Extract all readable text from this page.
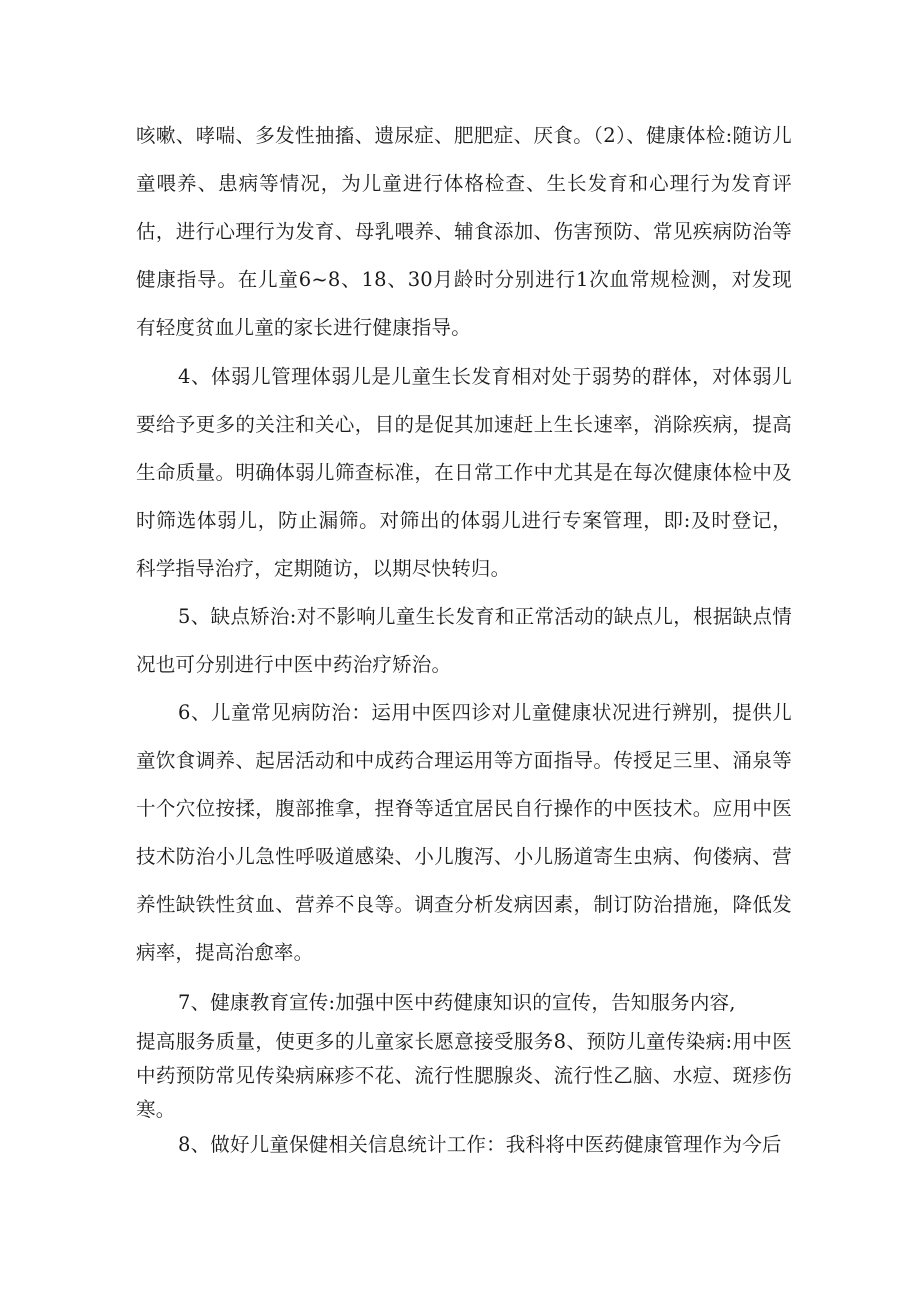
咳嗽、哮喘、多发性抽搐、遗尿症、肥肥症、厌食。（2）、健康体检:随访儿童喂养、患病等情况，为儿童进行体格检查、生长发育和心理行为发育评估，进行心理行为发育、母乳喂养、辅食添加、伤害预防、常见疾病防治等健康指导。在儿童6~8、18、30月龄时分别进行1次血常规检测，对发现有轻度贫血儿童的家长进行健康指导。

4、体弱儿管理体弱儿是儿童生长发育相对处于弱势的群体，对体弱儿要给予更多的关注和关心，目的是促其加速赶上生长速率，消除疾病，提高生命质量。明确体弱儿筛查标准，在日常工作中尤其是在每次健康体检中及时筛选体弱儿，防止漏筛。对筛出的体弱儿进行专案管理，即:及时登记，科学指导治疗，定期随访，以期尽快转归。

5、缺点矫治:对不影响儿童生长发育和正常活动的缺点儿，根据缺点情况也可分别进行中医中药治疗矫治。

6、儿童常见病防治：运用中医四诊对儿童健康状况进行辨别，提供儿童饮食调养、起居活动和中成药合理运用等方面指导。传授足三里、涌泉等十个穴位按揉，腹部推拿，捏脊等适宜居民自行操作的中医技术。应用中医技术防治小儿急性呼吸道感染、小儿腹泻、小儿肠道寄生虫病、佝偻病、营养性缺铁性贫血、营养不良等。调查分析发病因素，制订防治措施，降低发病率，提高治愈率。

7、健康教育宣传:加强中医中药健康知识的宣传，告知服务内容,

提高服务质量，使更多的儿童家长愿意接受服务8、预防儿童传染病:用中医中药预防常见传染病麻疹不花、流行性腮腺炎、流行性乙脑、水痘、斑疹伤寒。

8、做好儿童保健相关信息统计工作：我科将中医药健康管理作为今后
